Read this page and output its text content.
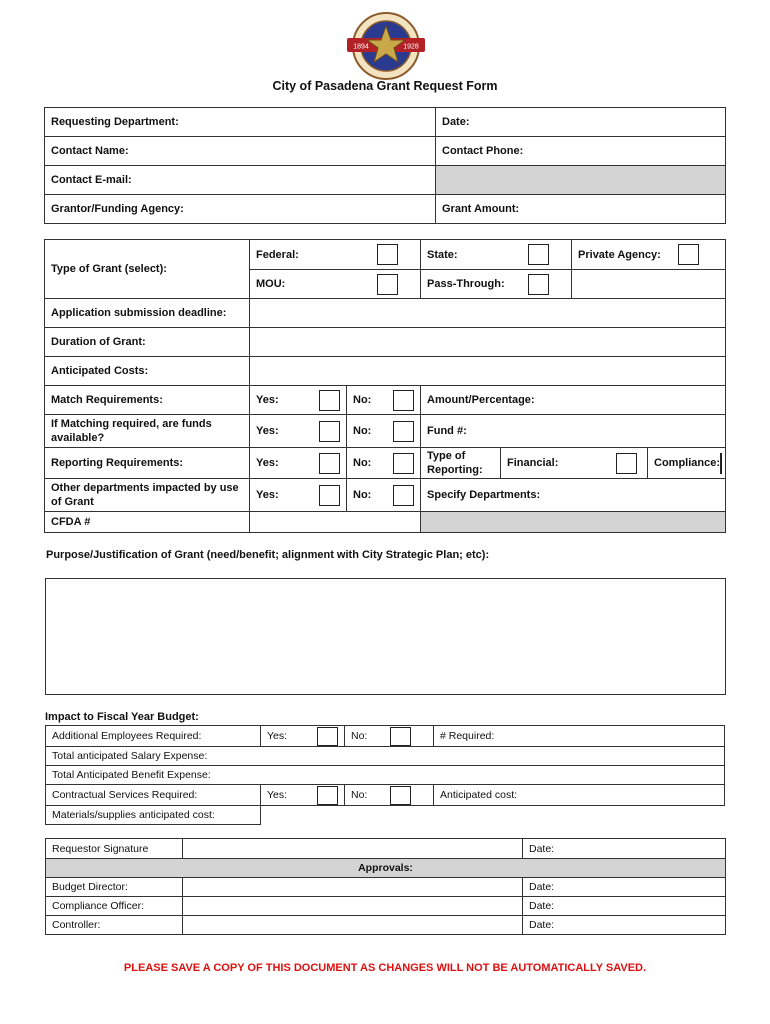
1894	1928
City of Pasadena Grant Request Form
Requesting Department:	Date:
Contact Name:	Contact Phone:
Contact E-mail:	
Grantor/Funding Agency:	Grant Amount:
Type of Grant (select):	Federal:		State:		Private Agency:	

	MOU:		Pass-Through:			

Application submission deadline:						
Duration of Grant:						
Anticipated Costs:						
Match Requirements:	Yes:	No:	Amount/Percentage:			
If Matching required, are funds available?	Yes:	No:	Fund #:			
Reporting Requirements:	Yes:	No:	Type of Reporting:	Financial:		Compliance:

Other departments impacted by use of Grant	Yes:	No:	Specify Departments:			
CFDA #						
Purpose/Justification of Grant (need/benefit; alignment with City Strategic Plan; etc):
Impact to Fiscal Year Budget:
Additional Employees Required:	Yes:	No:	# Required:
Total anticipated Salary Expense:			
Total Anticipated Benefit Expense:			
Contractual Services Required:	Yes:	No:	Anticipated cost:
Materials/supplies anticipated cost:			
Requestor Signature		Date:
Approvals:		
Budget Director:		Date:
Compliance Officer:		Date:
Controller:		Date:
PLEASE SAVE A COPY OF THIS DOCUMENT AS CHANGES WILL NOT BE AUTOMATICALLY SAVED.
